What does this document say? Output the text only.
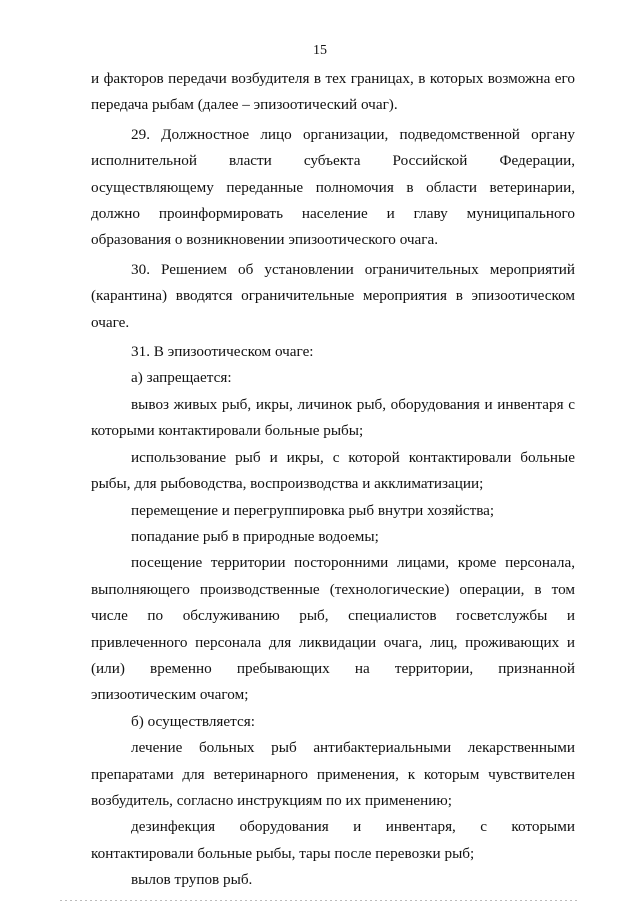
15

и факторов передачи возбудителя в тех границах, в которых возможна его передача рыбам (далее – эпизоотический очаг).

29. Должностное лицо организации, подведомственной органу исполнительной власти субъекта Российской Федерации, осуществляющему переданные полномочия в области ветеринарии, должно проинформировать население и главу муниципального образования о возникновении эпизоотического очага.

30. Решением об установлении ограничительных мероприятий (карантина) вводятся ограничительные мероприятия в эпизоотическом очаге.

31. В эпизоотическом очаге:

а) запрещается:

вывоз живых рыб, икры, личинок рыб, оборудования и инвентаря с которыми контактировали больные рыбы;

использование рыб и икры, с которой контактировали больные рыбы, для рыбоводства, воспроизводства и акклиматизации;

перемещение и перегруппировка рыб внутри хозяйства;

попадание рыб в природные водоемы;

посещение территории посторонними лицами, кроме персонала, выполняющего производственные (технологические) операции, в том числе по обслуживанию рыб, специалистов госветслужбы и привлеченного персонала для ликвидации очага, лиц, проживающих и (или) временно пребывающих на территории, признанной эпизоотическим очагом;

б) осуществляется:

лечение больных рыб антибактериальными лекарственными препаратами для ветеринарного применения, к которым чувствителен возбудитель, согласно инструкциям по их применению;

дезинфекция оборудования и инвентаря, с которыми контактировали больные рыбы, тары после перевозки рыб;

вылов трупов рыб.
